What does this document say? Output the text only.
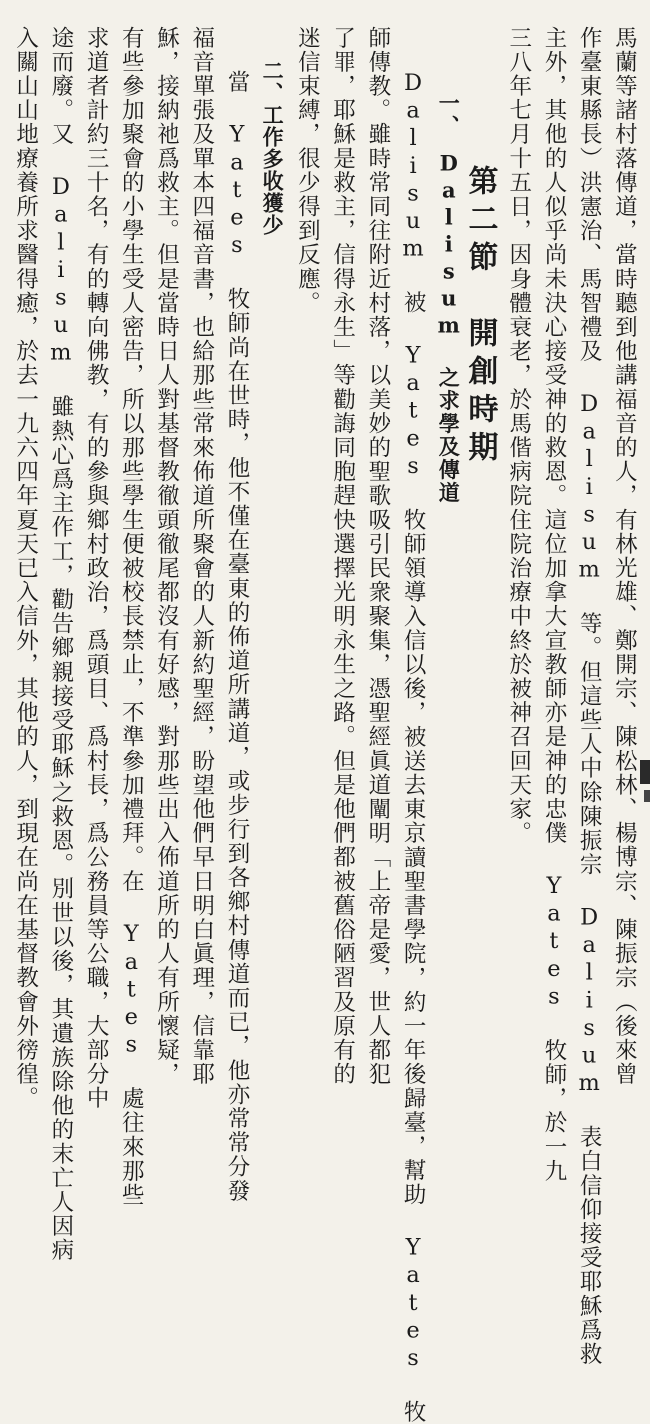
馬蘭等諸村落傳道，當時聽到他講福音的人，有林光雄、鄭開宗、陳松林、楊博宗、陳振宗（後來曾
作臺東縣長）洪憲治、馬智禮及 Dalisum 等。但這些人中除陳振宗 Dalisum 表白信仰接受耶穌爲救
主外，其他的人似乎尚未決心接受神的救恩。這位加拿大宣教師亦是神的忠僕 Yates 牧師，於一九
三八年七月十五日，因身體衰老，於馬偕病院住院治療中終於被神召回天家。
第二節　開創時期
一、　Dalisum 之求學及傳道
Dalisum 被 Yates 牧師領導入信以後，被送去東京讀聖書學院，約一年後歸臺，幫助 Yates 牧
師傳教。雖時常同往附近村落，以美妙的聖歌吸引民衆聚集，憑聖經眞道闡明「上帝是愛，世人都犯
了罪，耶穌是救主，信得永生」等勸誨同胞趕快選擇光明永生之路。但是他們都被舊俗陋習及原有的
迷信束縛，很少得到反應。
二、工作多收獲少
當 Yates 牧師尚在世時，他不僅在臺東的佈道所講道，或步行到各鄉村傳道而已，他亦常常分發
福音單張及單本四福音書，也給那些常來佈道所聚會的人新約聖經，盼望他們早日明白眞理，信靠耶
穌，接納祂爲救主。但是當時日人對基督教徹頭徹尾都沒有好感，對那些出入佈道所的人有所懷疑，
有些參加聚會的小學生受人密告，所以那些學生便被校長禁止，不準參加禮拜。在 Yates 處往來那些
求道者計約三十名，有的轉向佛教，有的參與鄉村政治，爲頭目、爲村長，爲公務員等公職，大部分中
途而廢。又 Dalisum 雖熱心爲主作工，勸告鄉親接受耶穌之救恩。別世以後，其遺族除他的末亡人因病
入關山山地療養所求醫得癒，於去一九六四年夏天已入信外，其他的人，到現在尚在基督教會外徬徨。
